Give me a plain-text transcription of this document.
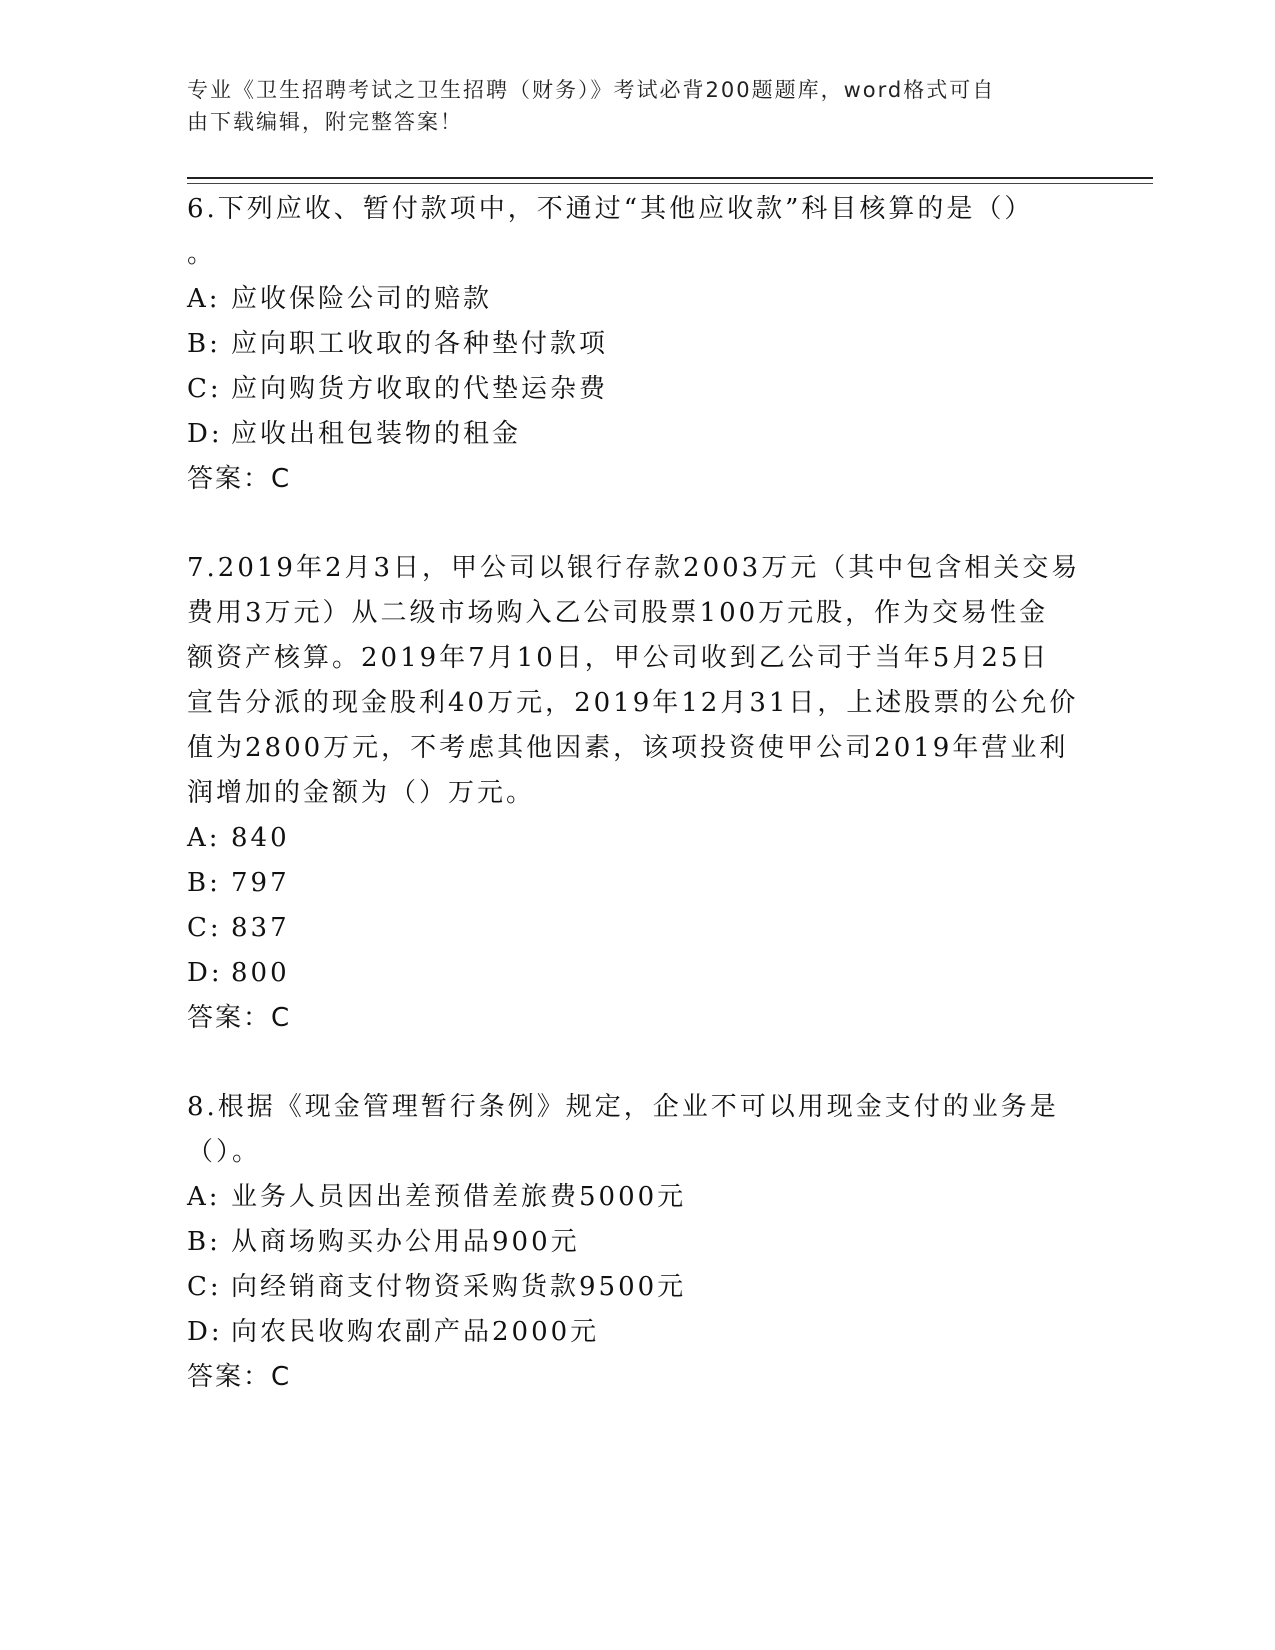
专业《卫生招聘考试之卫生招聘（财务）》考试必背200题题库，word格式可自
由下载编辑，附完整答案！

6.下列应收、暂付款项中，不通过“其他应收款”科目核算的是（）

。

A: 应收保险公司的赔款

B: 应向职工收取的各种垫付款项

C: 应向购货方收取的代垫运杂费

D: 应收出租包装物的租金

答案：C

7.2019年2月3日，甲公司以银行存款2003万元（其中包含相关交易

费用3万元）从二级市场购入乙公司股票100万元股，作为交易性金

额资产核算。2019年7月10日，甲公司收到乙公司于当年5月25日

宣告分派的现金股利40万元，2019年12月31日，上述股票的公允价

值为2800万元，不考虑其他因素，该项投资使甲公司2019年营业利

润增加的金额为（）万元。

A: 840

B: 797

C: 837

D: 800

答案：C

8.根据《现金管理暂行条例》规定，企业不可以用现金支付的业务是

（）。

A: 业务人员因出差预借差旅费5000元

B: 从商场购买办公用品900元

C: 向经销商支付物资采购货款9500元

D: 向农民收购农副产品2000元

答案：C
